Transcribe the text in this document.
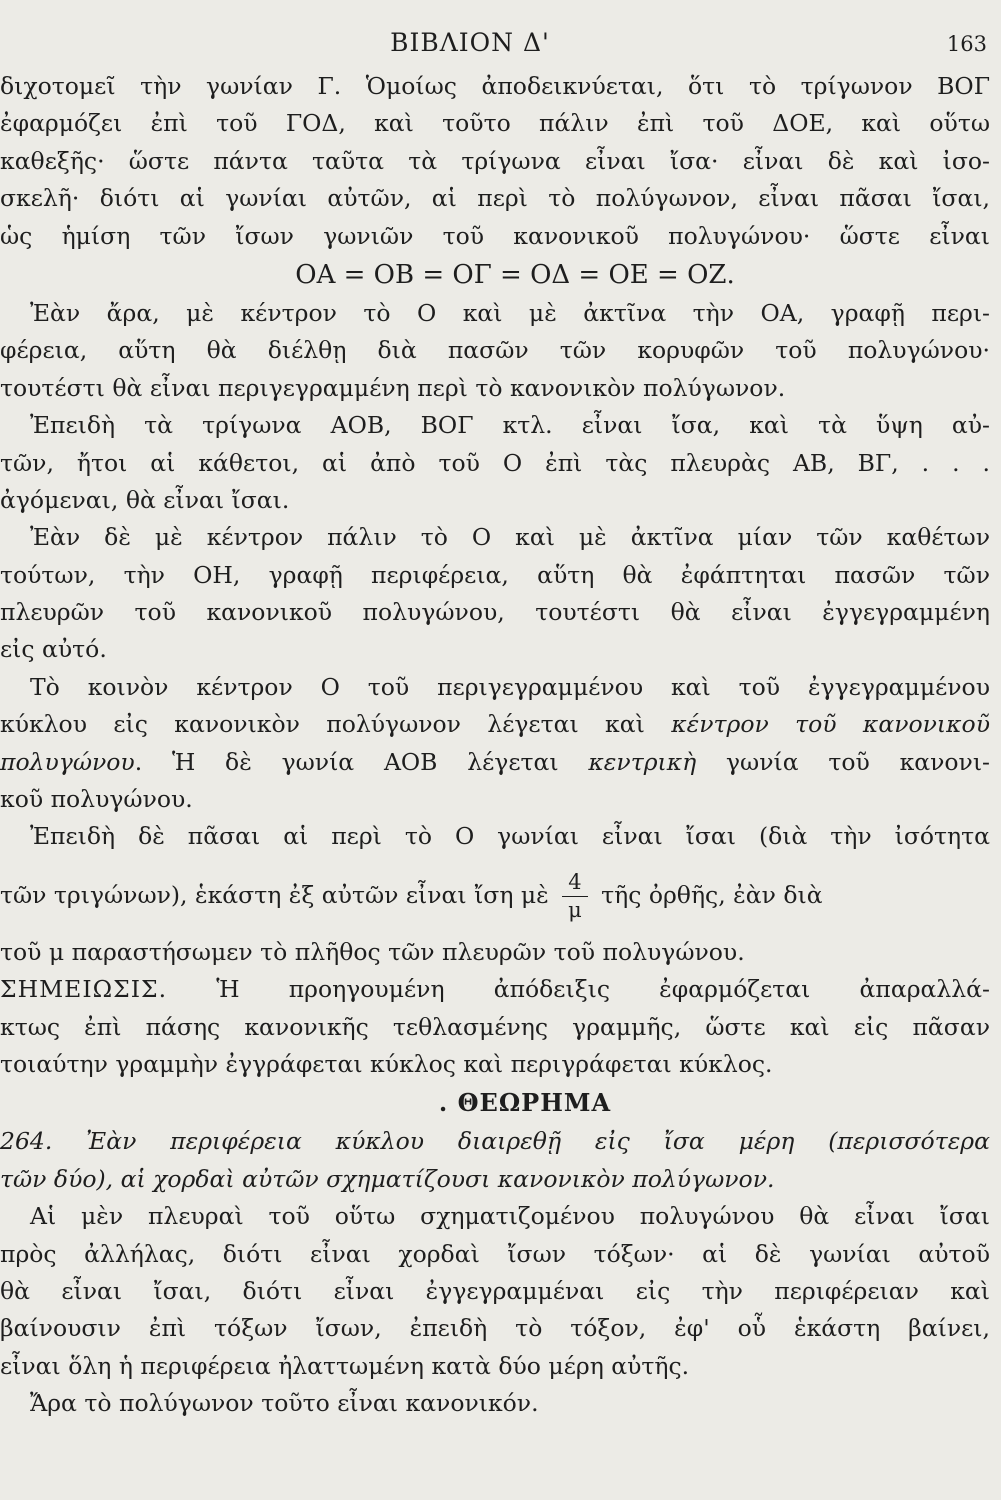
ΒΙΒΛΙΟΝ Δ'	163
διχοτομεῖ τὴν γωνίαν Γ. Ὁμοίως ἀποδεικνύεται, ὅτι τὸ τρίγωνον ΒΟΓ
ἐφαρμόζει ἐπὶ τοῦ ΓΟΔ, καὶ τοῦτο πάλιν ἐπὶ τοῦ ΔΟΕ, καὶ οὕτω
καθεξῆς· ὥστε πάντα ταῦτα τὰ τρίγωνα εἶναι ἴσα· εἶναι δὲ καὶ ἰσο-
σκελῆ· διότι αἱ γωνίαι αὐτῶν, αἱ περὶ τὸ πολύγωνον, εἶναι πᾶσαι ἴσαι,
ὡς ἡμίση τῶν ἴσων γωνιῶν τοῦ κανονικοῦ πολυγώνου· ὥστε εἶναι
ΟΑ = ΟΒ = ΟΓ = ΟΔ = ΟΕ = ΟΖ.
Ἐὰν ἄρα, μὲ κέντρον τὸ Ο καὶ μὲ ἀκτῖνα τὴν ΟΑ, γραφῇ περι-
φέρεια, αὕτη θὰ διέλθῃ διὰ πασῶν τῶν κορυφῶν τοῦ πολυγώνου·
τουτέστι θὰ εἶναι περιγεγραμμένη περὶ τὸ κανονικὸν πολύγωνον.
Ἐπειδὴ τὰ τρίγωνα ΑΟΒ, ΒΟΓ κτλ. εἶναι ἴσα, καὶ τὰ ὕψη αὐ-
τῶν, ἤτοι αἱ κάθετοι, αἱ ἀπὸ τοῦ Ο ἐπὶ τὰς πλευρὰς ΑΒ, ΒΓ, . . .
ἀγόμεναι, θὰ εἶναι ἴσαι.
Ἐὰν δὲ μὲ κέντρον πάλιν τὸ Ο καὶ μὲ ἀκτῖνα μίαν τῶν καθέτων
τούτων, τὴν ΟΗ, γραφῇ περιφέρεια, αὕτη θὰ ἐφάπτηται πασῶν τῶν
πλευρῶν τοῦ κανονικοῦ πολυγώνου, τουτέστι θὰ εἶναι ἐγγεγραμμένη
εἰς αὐτό.
Τὸ κοινὸν κέντρον Ο τοῦ περιγεγραμμένου καὶ τοῦ ἐγγεγραμμένου
κύκλου εἰς κανονικὸν πολύγωνον λέγεται καὶ κέντρον τοῦ κανονικοῦ
πολυγώνου. Ἡ δὲ γωνία ΑΟΒ λέγεται κεντρικὴ γωνία τοῦ κανονι-
κοῦ πολυγώνου.
Ἐπειδὴ δὲ πᾶσαι αἱ περὶ τὸ Ο γωνίαι εἶναι ἴσαι (διὰ τὴν ἰσότητα
τῶν τριγώνων), ἑκάστη ἐξ αὐτῶν εἶναι ἴση μὲ $\frac{4}{\mu}$ τῆς ὀρθῆς, ἐὰν διὰ
τοῦ μ παραστήσωμεν τὸ πλῆθος τῶν πλευρῶν τοῦ πολυγώνου.
ΣΗΜΕΙΩΣΙΣ. Ἡ προηγουμένη ἀπόδειξις ἐφαρμόζεται ἀπαραλλά-
κτως ἐπὶ πάσης κανονικῆς τεθλασμένης γραμμῆς, ὥστε καὶ εἰς πᾶσαν
τοιαύτην γραμμὴν ἐγγράφεται κύκλος καὶ περιγράφεται κύκλος.
. ΘΕΩΡΗΜΑ
264. Ἐὰν περιφέρεια κύκλου διαιρεθῇ εἰς ἴσα μέρη (περισσότερα
τῶν δύο), αἱ χορδαὶ αὐτῶν σχηματίζουσι κανονικὸν πολύγωνον.
Αἱ μὲν πλευραὶ τοῦ οὕτω σχηματιζομένου πολυγώνου θὰ εἶναι ἴσαι
πρὸς ἀλλήλας, διότι εἶναι χορδαὶ ἴσων τόξων· αἱ δὲ γωνίαι αὐτοῦ
θὰ εἶναι ἴσαι, διότι εἶναι ἐγγεγραμμέναι εἰς τὴν περιφέρειαν καὶ
βαίνουσιν ἐπὶ τόξων ἴσων, ἐπειδὴ τὸ τόξον, ἐφ' οὗ ἑκάστη βαίνει,
εἶναι ὅλη ἡ περιφέρεια ἠλαττωμένη κατὰ δύο μέρη αὐτῆς.
Ἄρα τὸ πολύγωνον τοῦτο εἶναι κανονικόν.
